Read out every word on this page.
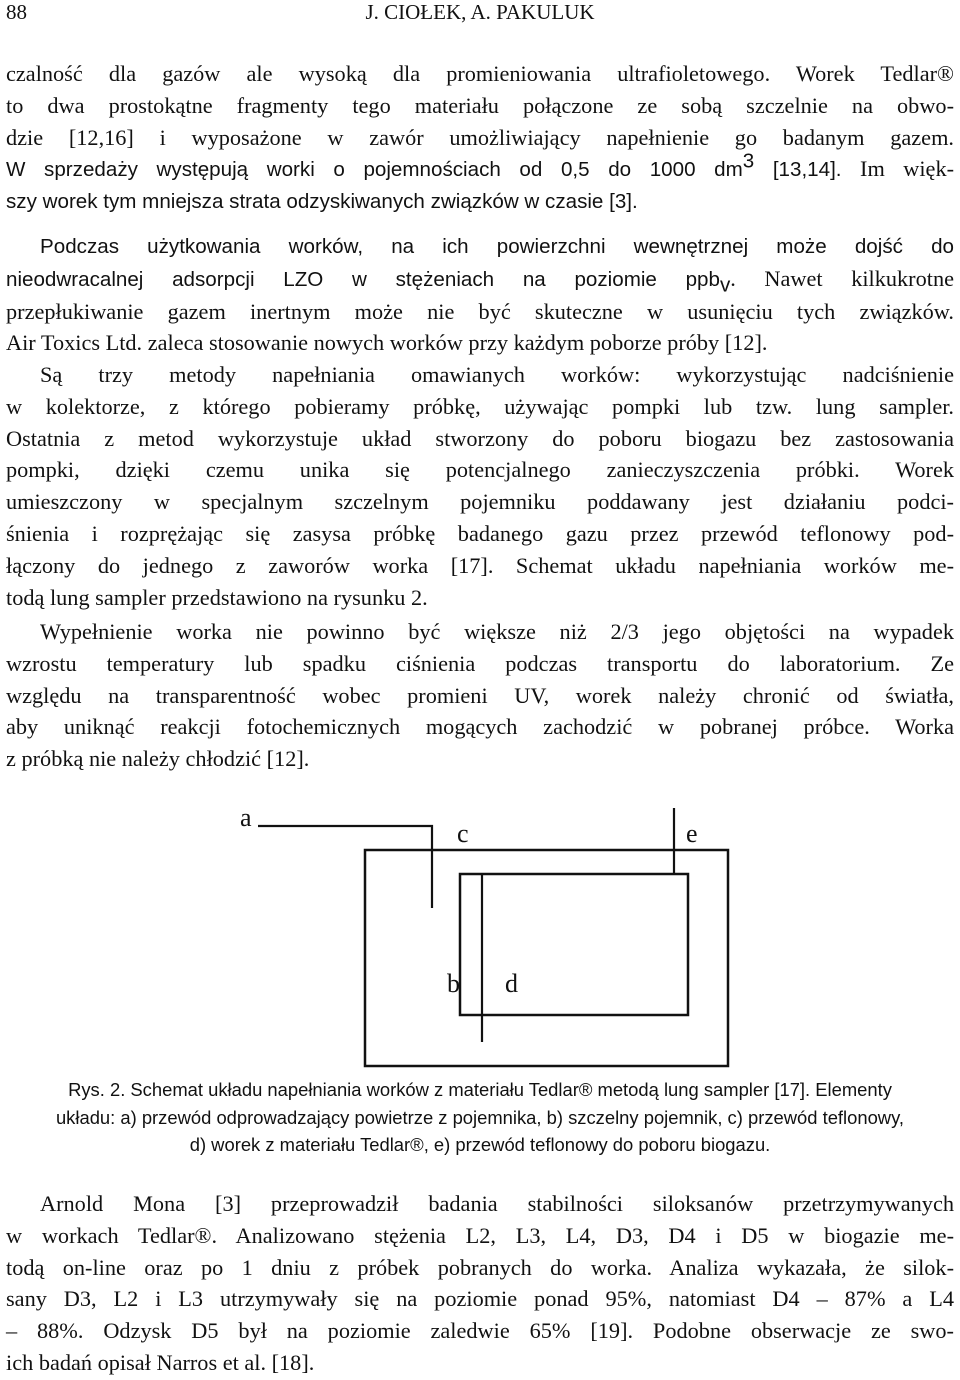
88	J. CIOŁEK, A. PAKULUK
czalność dla gazów ale wysoką dla promieniowania ultrafioletowego. Worek Tedlar®
to dwa prostokątne fragmenty tego materiału połączone ze sobą szczelnie na obwo-
dzie [12,16] i wyposażone w zawór umożliwiający napełnienie go badanym gazem.
W sprzedaży występują worki o pojemnościach od 0,5 do 1000 $dm^3$ [13,14]. Im więk-
szy worek tym mniejsza strata odzyskiwanych związków w czasie [3].
Podczas użytkowania worków, na ich powierzchni wewnętrznej może dojść do
nieodwracalnej adsorpcji LZO w stężeniach na poziomie ppb$_v$. Nawet kilkukrotne
przepłukiwanie gazem inertnym może nie być skuteczne w usunięciu tych związków.
Air Toxics Ltd. zaleca stosowanie nowych worków przy każdym poborze próby [12].
Są trzy metody napełniania omawianych worków: wykorzystując nadciśnienie
w kolektorze, z którego pobieramy próbkę, używając pompki lub tzw. lung sampler.
Ostatnia z metod wykorzystuje układ stworzony do poboru biogazu bez zastosowania
pompki, dzięki czemu unika się potencjalnego zanieczyszczenia próbki. Worek
umieszczony w specjalnym szczelnym pojemniku poddawany jest działaniu podci-
śnienia i rozprężając się zasysa próbkę badanego gazu przez przewód teflonowy pod-
łączony do jednego z zaworów worka [17]. Schemat układu napełniania worków me-
todą lung sampler przedstawiono na rysunku 2.
Wypełnienie worka nie powinno być większe niż 2/3 jego objętości na wypadek
wzrostu temperatury lub spadku ciśnienia podczas transportu do laboratorium. Ze
względu na transparentność wobec promieni UV, worek należy chronić od światła,
aby uniknąć reakcji fotochemicznych mogących zachodzić w pobranej próbce. Worka
z próbką nie należy chłodzić [12].
a
c	e
b d
Rys. 2. Schemat układu napełniania worków z materiału Tedlar® metodą lung sampler [17]. Elementy
układu: a) przewód odprowadzający powietrze z pojemnika, b) szczelny pojemnik, c) przewód teflonowy,
d) worek z materiału Tedlar®, e) przewód teflonowy do poboru biogazu.
Arnold Mona [3] przeprowadził badania stabilności siloksanów przetrzymywanych
w workach Tedlar®. Analizowano stężenia L2, L3, L4, D3, D4 i D5 w biogazie me-
todą on-line oraz po 1 dniu z próbek pobranych do worka. Analiza wykazała, że silok-
sany D3, L2 i L3 utrzymywały się na poziomie ponad 95%, natomiast D4 – 87% a L4
– 88%. Odzysk D5 był na poziomie zaledwie 65% [19]. Podobne obserwacje ze swo-
ich badań opisał Narros et al. [18].
